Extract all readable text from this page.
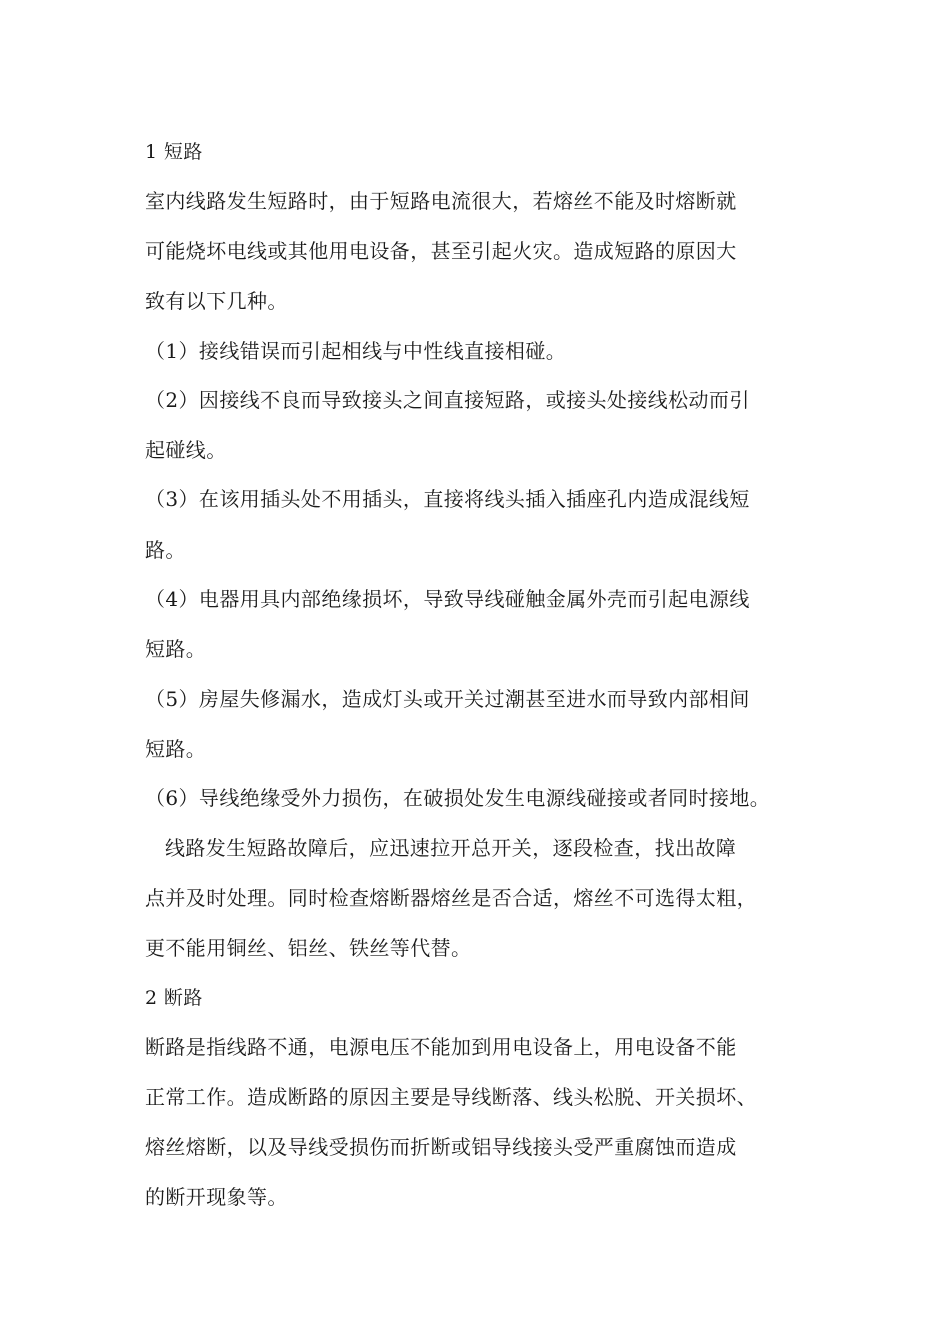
1 短路
室内线路发生短路时，由于短路电流很大，若熔丝不能及时熔断就
可能烧坏电线或其他用电设备，甚至引起火灾。造成短路的原因大
致有以下几种。
（1）接线错误而引起相线与中性线直接相碰。
（2）因接线不良而导致接头之间直接短路，或接头处接线松动而引
起碰线。
（3）在该用插头处不用插头，直接将线头插入插座孔内造成混线短
路。
（4）电器用具内部绝缘损坏，导致导线碰触金属外壳而引起电源线
短路。
（5）房屋失修漏水，造成灯头或开关过潮甚至进水而导致内部相间
短路。
（6）导线绝缘受外力损伤，在破损处发生电源线碰接或者同时接地。
线路发生短路故障后，应迅速拉开总开关，逐段检查，找出故障
点并及时处理。同时检查熔断器熔丝是否合适，熔丝不可选得太粗，
更不能用铜丝、铝丝、铁丝等代替。
2 断路
断路是指线路不通，电源电压不能加到用电设备上，用电设备不能
正常工作。造成断路的原因主要是导线断落、线头松脱、开关损坏、
熔丝熔断，以及导线受损伤而折断或铝导线接头受严重腐蚀而造成
的断开现象等。
